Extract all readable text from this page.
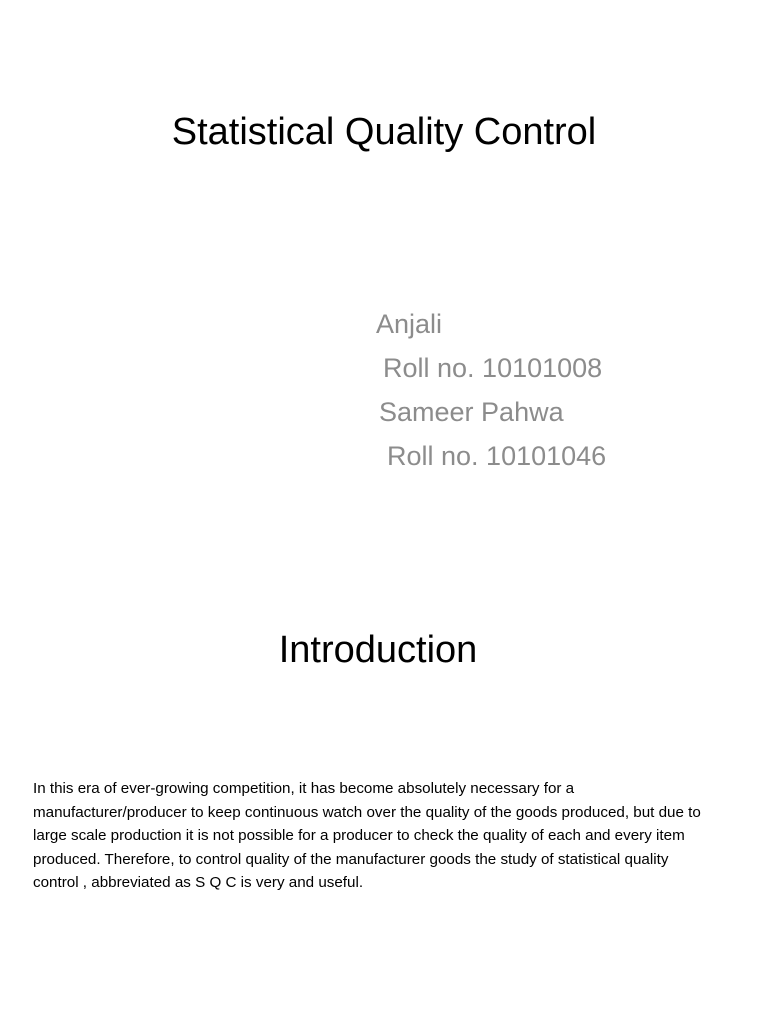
Statistical Quality Control
Anjali
Roll no. 10101008
Sameer Pahwa
Roll no. 10101046
Introduction

In this era of ever-growing competition, it has become absolutely necessary for a manufacturer/producer to keep continuous watch over the quality of the goods produced, but due to large scale production it is not possible for a producer to check the quality of each and every item produced. Therefore, to control quality of the manufacturer goods the study of statistical quality control , abbreviated as S Q C is very and useful.
